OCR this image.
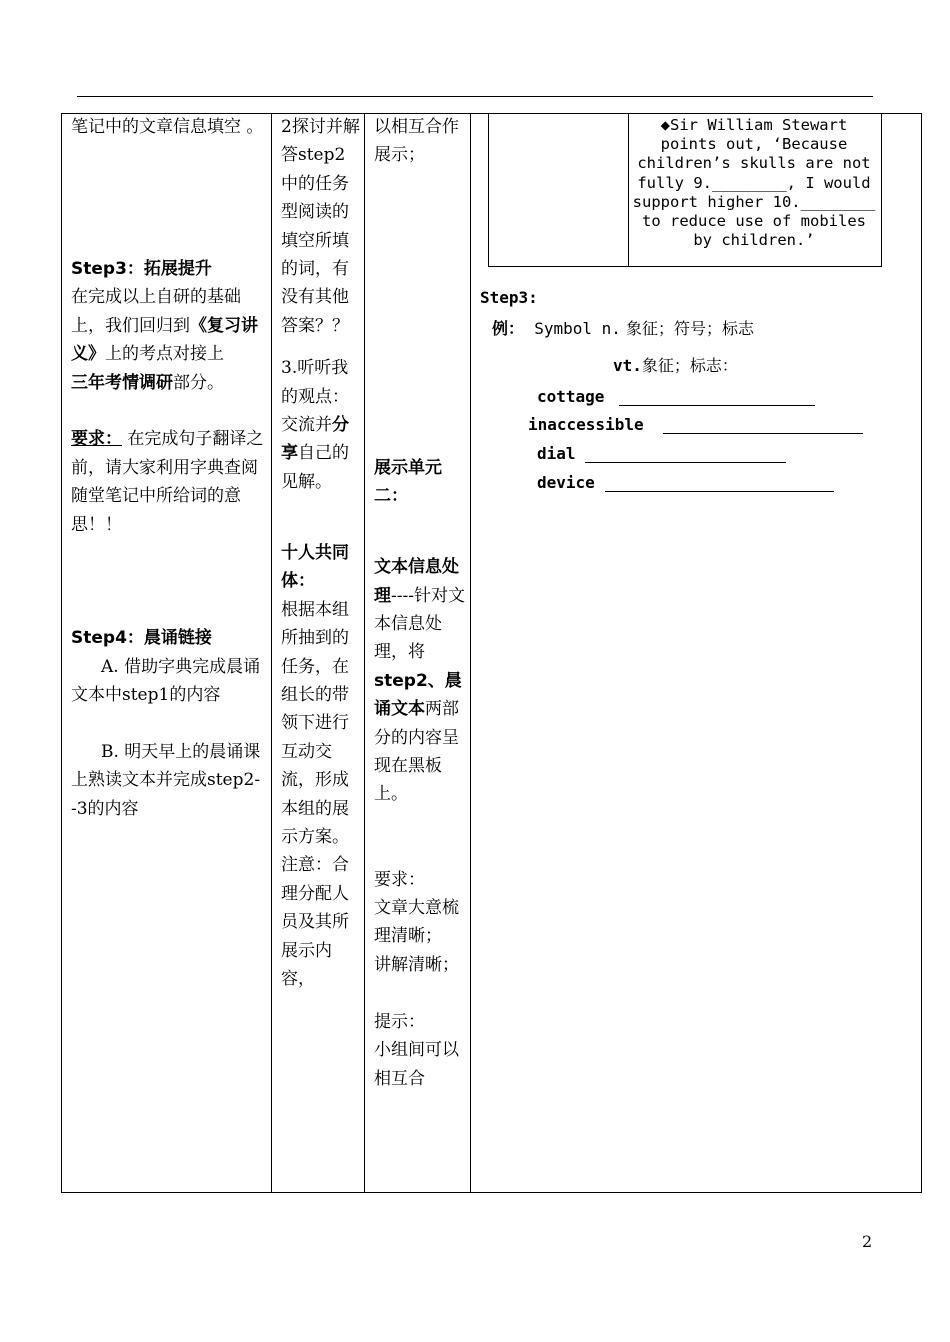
笔记中的文章信息填空 。

Step3：拓展提升

在完成以上自研的基础上，我们回归到《复习讲义》上的考点对接上

三年考情调研部分。

要求： 在完成句子翻译之前，请大家利用字典查阅随堂笔记中所给词的意思！！

Step4：晨诵链接

A. 借助字典完成晨诵文本中step1的内容

B. 明天早上的晨诵课上熟读文本并完成step2--3的内容

2探讨并解答step2中的任务型阅读的填空所填的词，有没有其他答案？？

3.听听我的观点：交流并分享自己的见解。

十人共同体：

根据本组所抽到的任务，在组长的带领下进行互动交流，形成本组的展示方案。

注意：合理分配人员及其所展示内容，

以相互合作展示；

展示单元二：

文本信息处理----针对文本信息处理，将step2、晨诵文本两部分的内容呈现在黑板上。

要求：

文章大意梳理清晰；

讲解清晰；

提示：

小组间可以相互合

◆Sir William Stewart points out, ‘Because children’s skulls are not fully 9.________, I would support higher 10.________ to reduce use of mobiles by children.’
Step3:
例： Symbol n. 象征；符号；标志
vt.象征；标志：
cottage
inaccessible
dial
device
2
